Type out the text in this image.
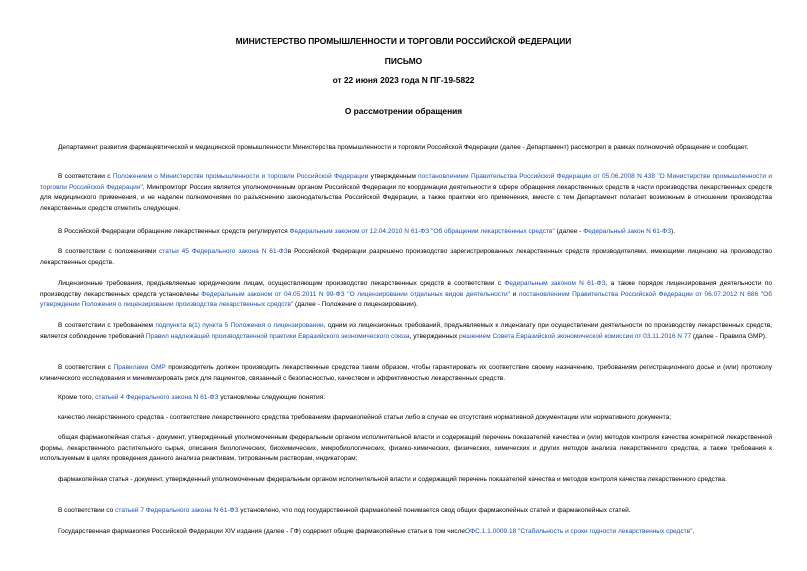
МИНИСТЕРСТВО ПРОМЫШЛЕННОСТИ И ТОРГОВЛИ РОССИЙСКОЙ ФЕДЕРАЦИИ
ПИСЬМО
от 22 июня 2023 года N ПГ-19-5822
О рассмотрении обращения
Департамент развития фармацевтической и медицинской промышленности Министерства промышленности и торговли Российской Федерации (далее - Департамент) рассмотрел в рамках полномочий обращение и сообщает.
В соответствии с Положением о Министерстве промышленности и торговли Российской Федерации утвержденным постановлением Правительства Российской Федерации от 05.06.2008 N 438 "О Министерстве промышленности и торговли Российской Федерации", Минпромторг России является уполномоченным органом Российской Федерации по координации деятельности в сфере обращения лекарственных средств в части производства лекарственных средств для медицинского применения, и не наделен полномочиями по разъяснению законодательства Российской Федерации, а также практики его применения, вместе с тем Департамент полагает возможным в отношении производства лекарственных средств отметить следующее.
В Российской Федерации обращение лекарственных средств регулируется Федеральным законом от 12.04.2010 N 61-ФЗ "Об обращении лекарственных средств" (далее - Федеральный закон N 61-ФЗ).
В соответствии с положениями статьи 45 Федерального закона N 61-ФЗв Российской Федерации разрешено производство зарегистрированных лекарственных средств производителями, имеющими лицензию на производство лекарственных средств.
Лицензионные требования, предъявляемые юридическим лицам, осуществляющим производство лекарственных средств в соответствии с Федеральным законом N 61-ФЗ, а также порядок лицензирования деятельности по производству лекарственных средств установлены Федеральным законом от 04.05.2011 N 99-ФЗ "О лицензировании отдельных видов деятельности" и постановлением Правительства Российской Федерации от 06.07.2012 N 686 "Об утверждении Положения о лицензировании производства лекарственных средств" (далее - Положение о лицензировании).
В соответствии с требованием подпункта в(1) пункта 5 Положения о лицензировании, одним из лицензионных требований, предъявляемых к лицензиату при осуществлении деятельности по производству лекарственных средств, является соблюдение требований Правил надлежащей производственной практики Евразийского экономического союза, утвержденных решением Совета Евразийской экономической комиссии от 03.11.2016 N 77 (далее - Правила GMP).
В соответствии с Правилами GMP производитель должен производить лекарственные средства таким образом, чтобы гарантировать их соответствие своему назначению, требованиям регистрационного досье и (или) протоколу клинического исследования и минимизировать риск для пациентов, связанный с безопасностью, качеством и эффективностью лекарственных средств.
Кроме того, статьей 4 Федерального закона N 61-ФЗ установлены следующие понятия:
качество лекарственного средства - соответствие лекарственного средства требованиям фармакопейной статьи либо в случае ее отсутствия нормативной документации или нормативного документа;
общая фармакопейная статья - документ, утвержденный уполномоченным федеральным органом исполнительной власти и содержащий перечень показателей качества и (или) методов контроля качества конкретной лекарственной формы, лекарственного растительного сырья, описания биологических, биохимических, микробиологических, физико-химических, физических, химических и других методов анализа лекарственного средства, а также требования к используемым в целях проведения данного анализа реактивам, титрованным растворам, индикаторам;
фармакопейная статья - документ, утвержденный уполномоченным федеральным органом исполнительной власти и содержащий перечень показателей качества и методов контроля качества лекарственного средства.
В соответствии со статьей 7 Федерального закона N 61-ФЗ установлено, что под государственной фармакопеей понимается свод общих фармакопейных статей и фармакопейных статей.
Государственная фармакопея Российской Федерации XIV издания (далее - ГФ) содержит общие фармакопейные статьи в том числеОФС.1.1.0009.18 "Стабильность и сроки годности лекарственных средств",
